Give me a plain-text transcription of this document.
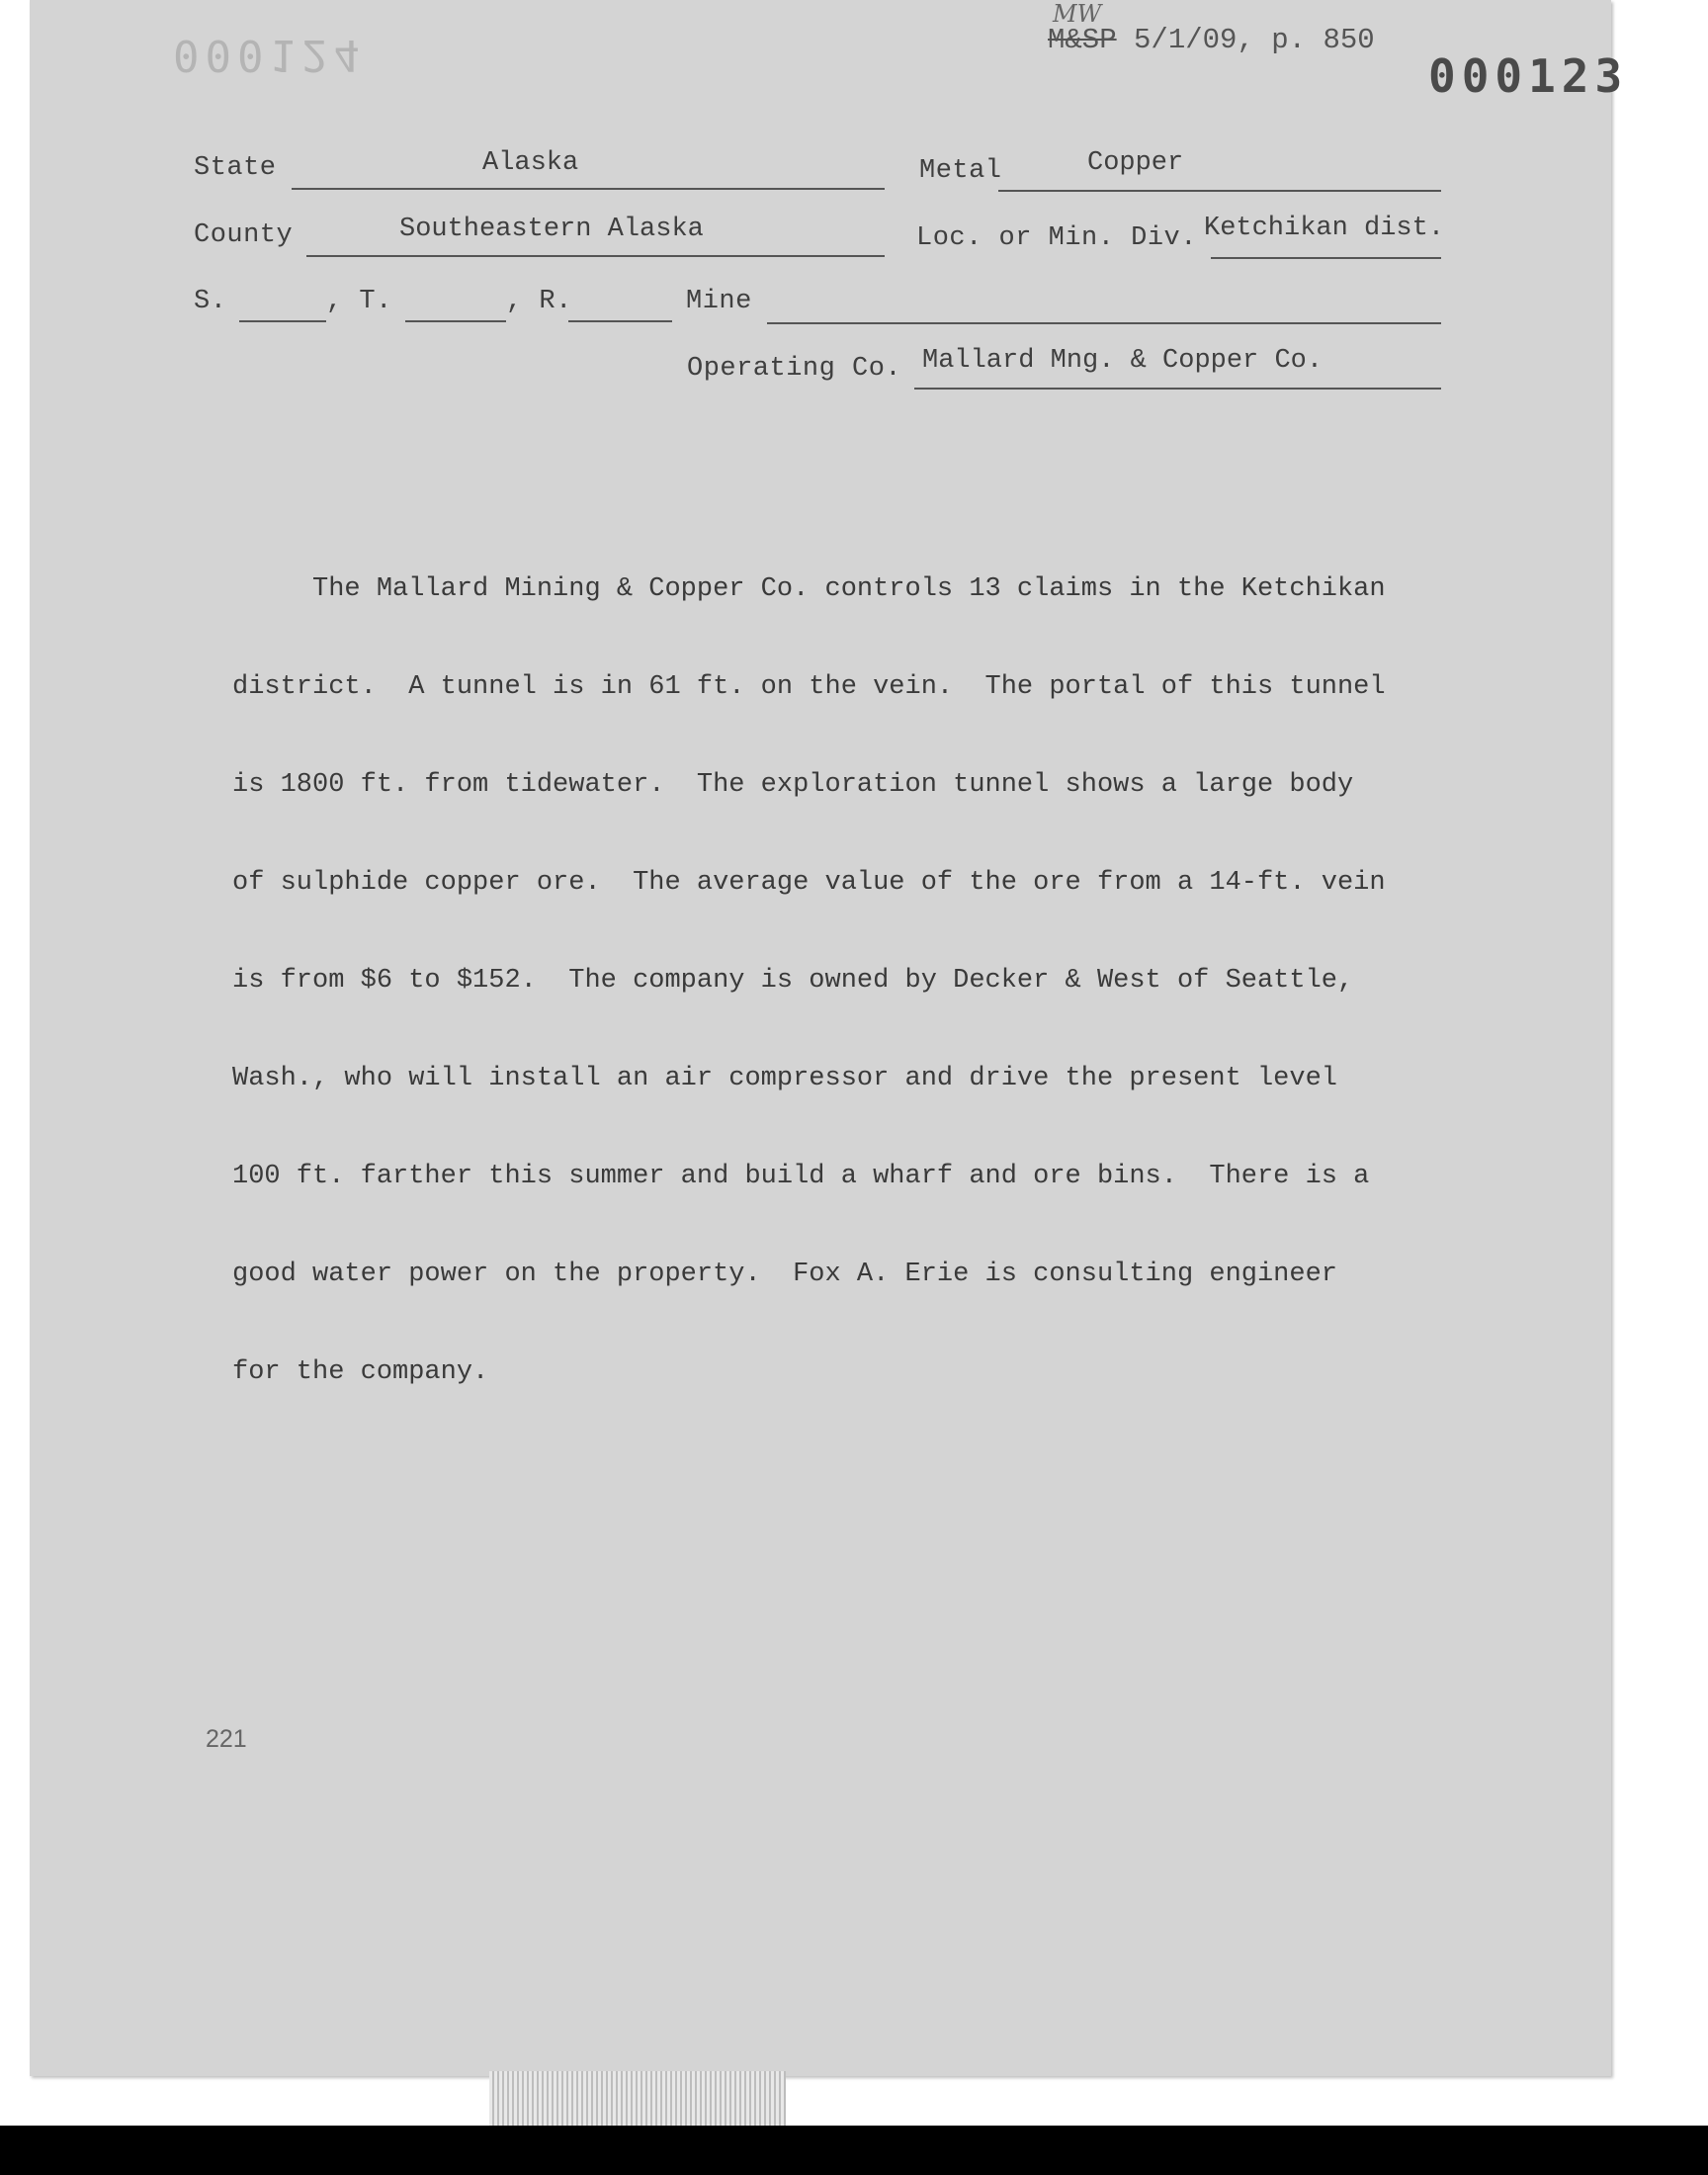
000124	000123
MW
M&SP 5/1/09, p. 850
State	Alaska	Metal	Copper
County	Southeastern Alaska	Loc. or Min. Div. Ketchikan dist.
S.	, T.	, R.	Mine
Operating Co. Mallard Mng. & Copper Co.

The Mallard Mining & Copper Co. controls 13 claims in the Ketchikan

district.  A tunnel is in 61 ft. on the vein.  The portal of this tunnel

is 1800 ft. from tidewater.  The exploration tunnel shows a large body

of sulphide copper ore.  The average value of the ore from a 14-ft. vein

is from $6 to $152.  The company is owned by Decker & West of Seattle,

Wash., who will install an air compressor and drive the present level

100 ft. farther this summer and build a wharf and ore bins.  There is a

good water power on the property.  Fox A. Erie is consulting engineer

for the company.

221
